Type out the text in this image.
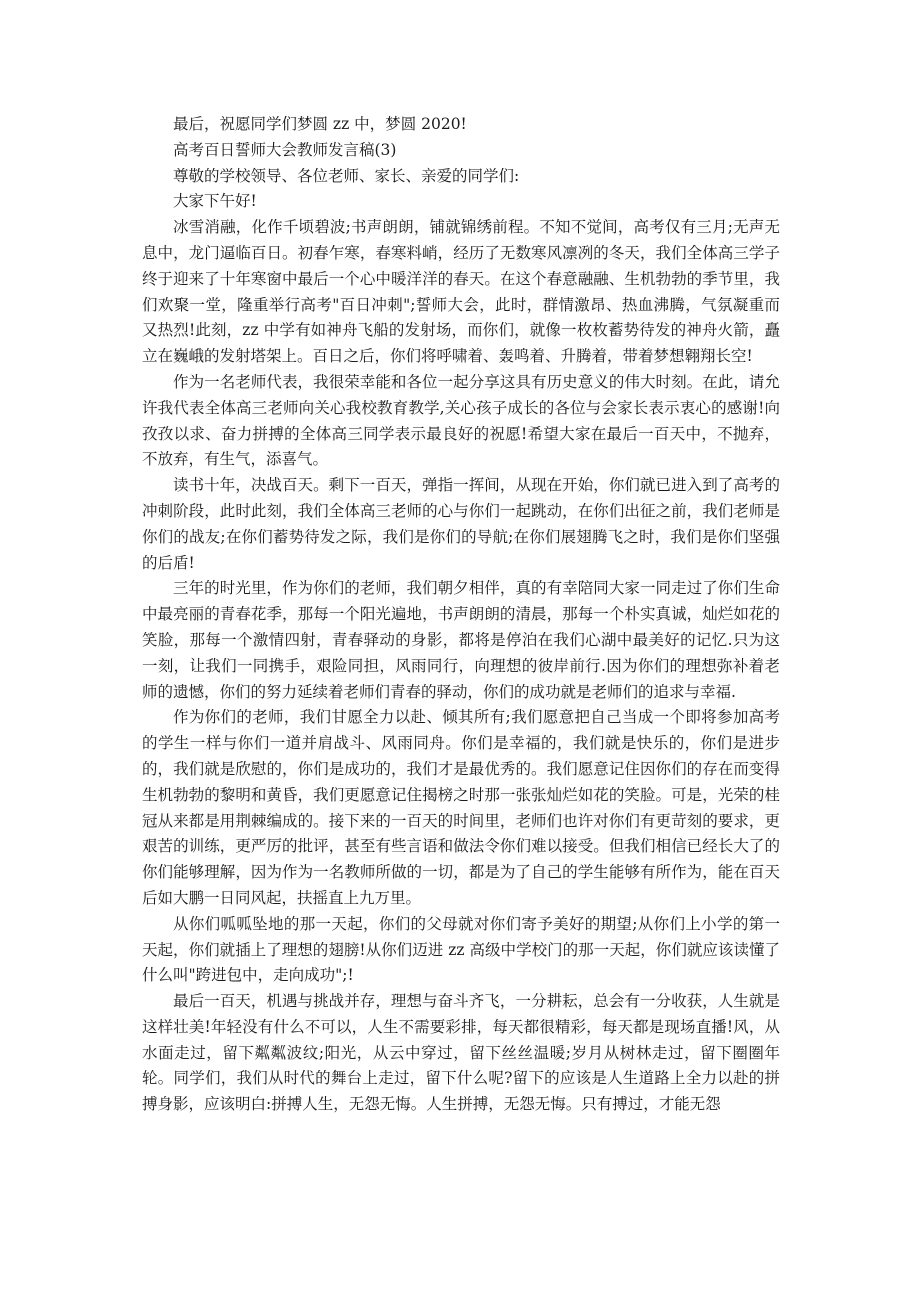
最后，祝愿同学们梦圆 zz 中，梦圆 2020!

高考百日誓师大会教师发言稿(3)

尊敬的学校领导、各位老师、家长、亲爱的同学们:

大家下午好!

冰雪消融，化作千顷碧波;书声朗朗，铺就锦绣前程。不知不觉间，高考仅有三月;无声无息中，龙门逼临百日。初春乍寒，春寒料峭，经历了无数寒风凛冽的冬天，我们全体高三学子终于迎来了十年寒窗中最后一个心中暖洋洋的春天。在这个春意融融、生机勃勃的季节里，我们欢聚一堂，隆重举行高考"百日冲刺";誓师大会，此时，群情激昂、热血沸腾，气氛凝重而又热烈!此刻，zz 中学有如神舟飞船的发射场，而你们，就像一枚枚蓄势待发的神舟火箭，矗立在巍峨的发射塔架上。百日之后，你们将呼啸着、轰鸣着、升腾着，带着梦想翱翔长空!

作为一名老师代表，我很荣幸能和各位一起分享这具有历史意义的伟大时刻。在此，请允许我代表全体高三老师向关心我校教育教学,关心孩子成长的各位与会家长表示衷心的感谢!向孜孜以求、奋力拼搏的全体高三同学表示最良好的祝愿!希望大家在最后一百天中，不抛弃，不放弃，有生气，添喜气。

读书十年，决战百天。剩下一百天，弹指一挥间，从现在开始，你们就已进入到了高考的冲刺阶段，此时此刻，我们全体高三老师的心与你们一起跳动，在你们出征之前，我们老师是你们的战友;在你们蓄势待发之际，我们是你们的导航;在你们展翅腾飞之时，我们是你们坚强的后盾!

三年的时光里，作为你们的老师，我们朝夕相伴，真的有幸陪同大家一同走过了你们生命中最亮丽的青春花季，那每一个阳光遍地，书声朗朗的清晨，那每一个朴实真诚，灿烂如花的笑脸，那每一个激情四射，青春驿动的身影，都将是停泊在我们心湖中最美好的记忆.只为这一刻，让我们一同携手，艰险同担，风雨同行，向理想的彼岸前行.因为你们的理想弥补着老师的遗憾，你们的努力延续着老师们青春的驿动，你们的成功就是老师们的追求与幸福.

作为你们的老师，我们甘愿全力以赴、倾其所有;我们愿意把自己当成一个即将参加高考的学生一样与你们一道并肩战斗、风雨同舟。你们是幸福的，我们就是快乐的，你们是进步的，我们就是欣慰的，你们是成功的，我们才是最优秀的。我们愿意记住因你们的存在而变得生机勃勃的黎明和黄昏，我们更愿意记住揭榜之时那一张张灿烂如花的笑脸。可是，光荣的桂冠从来都是用荆棘编成的。接下来的一百天的时间里，老师们也许对你们有更苛刻的要求，更艰苦的训练，更严厉的批评，甚至有些言语和做法令你们难以接受。但我们相信已经长大了的你们能够理解，因为作为一名教师所做的一切，都是为了自己的学生能够有所作为，能在百天后如大鹏一日同风起，扶摇直上九万里。

从你们呱呱坠地的那一天起，你们的父母就对你们寄予美好的期望;从你们上小学的第一天起，你们就插上了理想的翅膀!从你们迈进 zz 高级中学校门的那一天起，你们就应该读懂了什么叫"跨进包中，走向成功";!

最后一百天，机遇与挑战并存，理想与奋斗齐飞，一分耕耘，总会有一分收获，人生就是这样壮美!年轻没有什么不可以，人生不需要彩排，每天都很精彩，每天都是现场直播!风，从水面走过，留下粼粼波纹;阳光，从云中穿过，留下丝丝温暖;岁月从树林走过，留下圈圈年轮。同学们，我们从时代的舞台上走过，留下什么呢?留下的应该是人生道路上全力以赴的拼搏身影，应该明白:拼搏人生，无怨无悔。人生拼搏，无怨无悔。只有搏过，才能无怨
